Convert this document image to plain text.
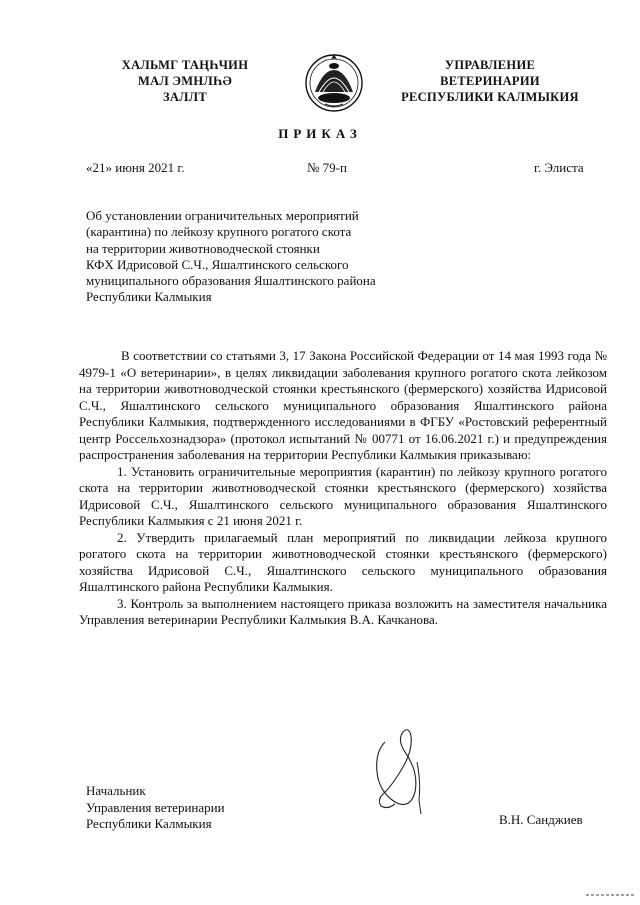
ХАЛЬМГ ТАҢҺЧИН
МАЛ ЭМНЛҺӘ
ЗАЛЛТ
УПРАВЛЕНИЕ
ВЕТЕРИНАРИИ
РЕСПУБЛИКИ КАЛМЫКИЯ
ПРИКАЗ
«21» июня 2021 г.	№ 79-п	г. Элиста
Об установлении ограничительных мероприятий
(карантина) по лейкозу крупного рогатого скота
на территории животноводческой стоянки
КФХ Идрисовой С.Ч., Яшалтинского сельского
муниципального образования Яшалтинского района
Республики Калмыкия

В соответствии со статьями 3, 17 Закона Российской Федерации от 14 мая 1993 года № 4979-1 «О ветеринарии», в целях ликвидации заболевания крупного рогатого скота лейкозом на территории животноводческой стоянки крестьянского (фермерского) хозяйства Идрисовой С.Ч., Яшалтинского сельского муниципального образования Яшалтинского района Республики Калмыкия, подтвержденного исследованиями в ФГБУ «Ростовский референтный центр Россельхознадзора» (протокол испытаний № 00771 от 16.06.2021 г.) и предупреждения распространения заболевания на территории Республики Калмыкия приказываю:

1. Установить ограничительные мероприятия (карантин) по лейкозу крупного рогатого скота на территории животноводческой стоянки крестьянского (фермерского) хозяйства Идрисовой С.Ч., Яшалтинского сельского муниципального образования Яшалтинского Республики Калмыкия с 21 июня 2021 г.

2. Утвердить прилагаемый план мероприятий по ликвидации лейкоза крупного рогатого скота на территории животноводческой стоянки крестьянского (фермерского) хозяйства Идрисовой С.Ч., Яшалтинского сельского муниципального образования Яшалтинского района Республики Калмыкия.

3. Контроль за выполнением настоящего приказа возложить на заместителя начальника Управления ветеринарии Республики Калмыкия В.А. Качканова.

Начальник
Управления ветеринарии
Республики Калмыкия	В.Н. Санджиев
